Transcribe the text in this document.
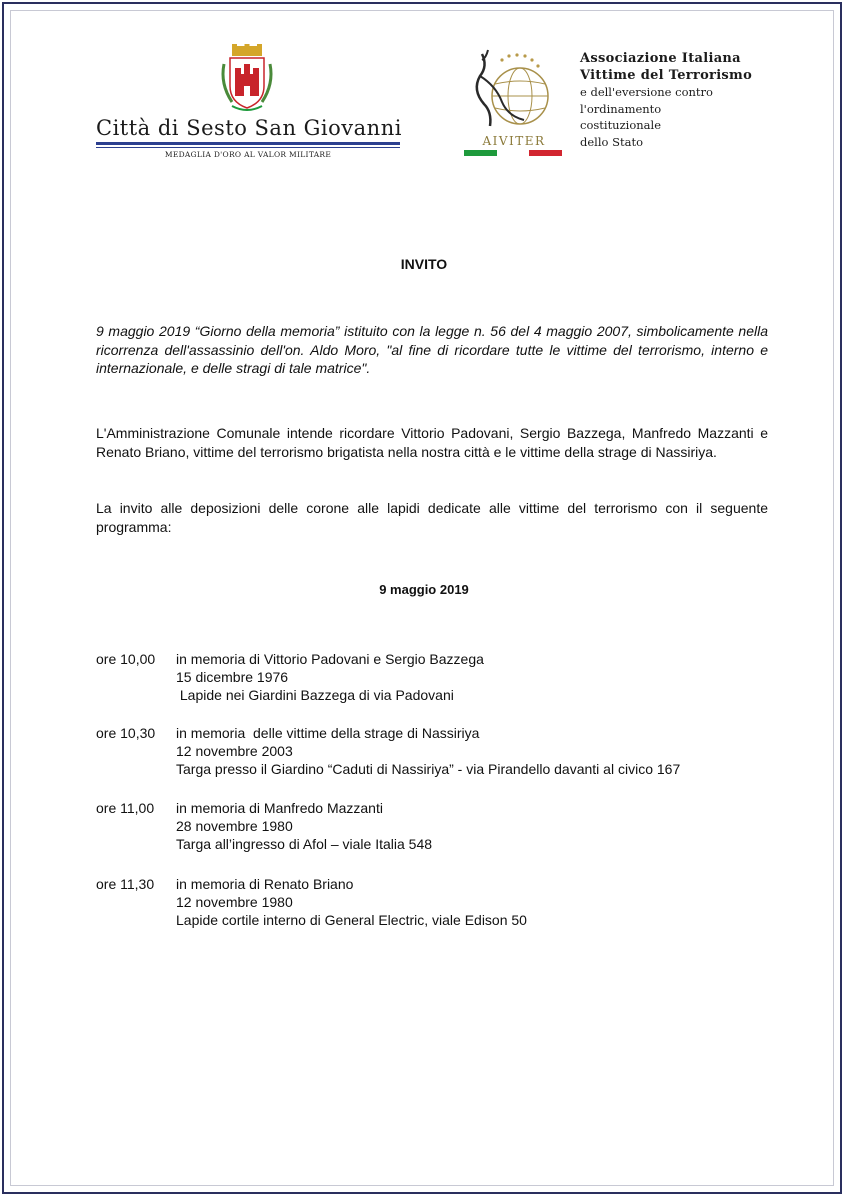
Città di Sesto San Giovanni
MEDAGLIA D'ORO AL VALOR MILITARE
AIVITER
Associazione Italiana
Vittime del Terrorismo
e dell'eversione contro
l'ordinamento
costituzionale
dello Stato
INVITO
9 maggio 2019 “Giorno della memoria” istituito con la legge n. 56 del 4 maggio 2007, simbolicamente nella ricorrenza dell'assassinio dell'on. Aldo Moro, "al fine di ricordare tutte le vittime del terrorismo, interno e internazionale, e delle stragi di tale matrice".
L'Amministrazione Comunale intende ricordare Vittorio Padovani, Sergio Bazzega, Manfredo Mazzanti e Renato Briano, vittime del terrorismo brigatista nella nostra città e le vittime della strage di Nassiriya.
La invito alle deposizioni delle corone alle lapidi dedicate alle vittime del terrorismo con il seguente programma:
9 maggio 2019
ore 10,00	in memoria di Vittorio Padovani e Sergio Bazzega
15 dicembre 1976
Lapide nei Giardini Bazzega di via Padovani
ore 10,30	in memoria  delle vittime della strage di Nassiriya
12 novembre 2003
Targa presso il Giardino “Caduti di Nassiriya” - via Pirandello davanti al civico 167
ore 11,00	in memoria di Manfredo Mazzanti
28 novembre 1980
Targa all’ingresso di Afol – viale Italia 548
ore 11,30	in memoria di Renato Briano
12 novembre 1980
Lapide cortile interno di General Electric, viale Edison 50
